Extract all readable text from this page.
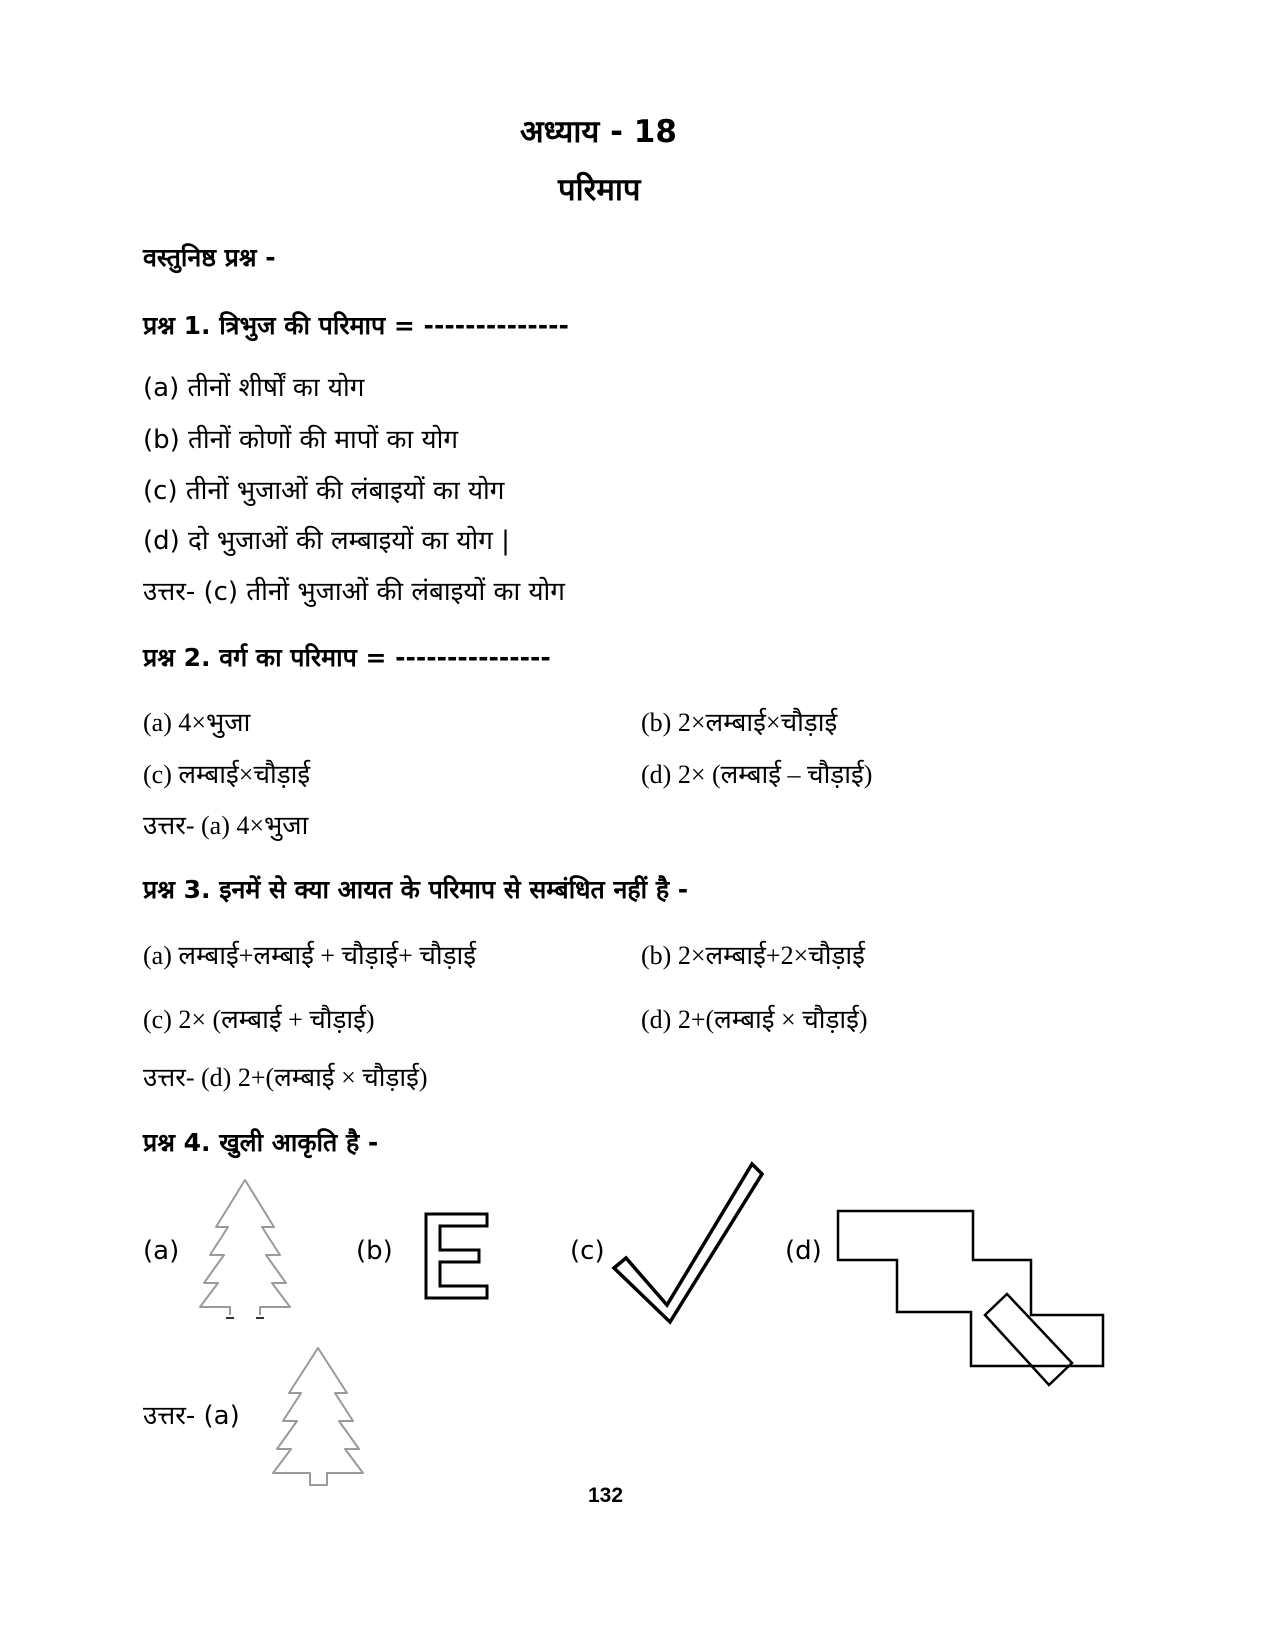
अध्याय - 18
परिमाप
वस्तुनिष्ठ प्रश्न -
प्रश्न 1. त्रिभुज की परिमाप = --------------
(a) तीनों शीर्षों का योग
(b) तीनों कोणों की मापों का योग
(c) तीनों भुजाओं की लंबाइयों का योग
(d) दो भुजाओं की लम्बाइयों का योग |
उत्तर- (c) तीनों भुजाओं की लंबाइयों का योग
प्रश्न 2. वर्ग का परिमाप = ---------------
(a) 4×भुजा	(b) 2×लम्बाई×चौड़ाई
(c) लम्बाई×चौड़ाई	(d) 2× (लम्बाई – चौड़ाई)
उत्तर- (a) 4×भुजा
प्रश्न 3. इनमें से क्या आयत के परिमाप से सम्बंधित नहीं है -
(a) लम्बाई+लम्बाई + चौड़ाई+ चौड़ाई	(b) 2×लम्बाई+2×चौड़ाई
(c) 2× (लम्बाई + चौड़ाई)	(d) 2+(लम्बाई × चौड़ाई)
उत्तर- (d) 2+(लम्बाई × चौड़ाई)
प्रश्न 4. खुली आकृति है -
(a)	(b)	(c)	(d)
उत्तर- (a)
132
